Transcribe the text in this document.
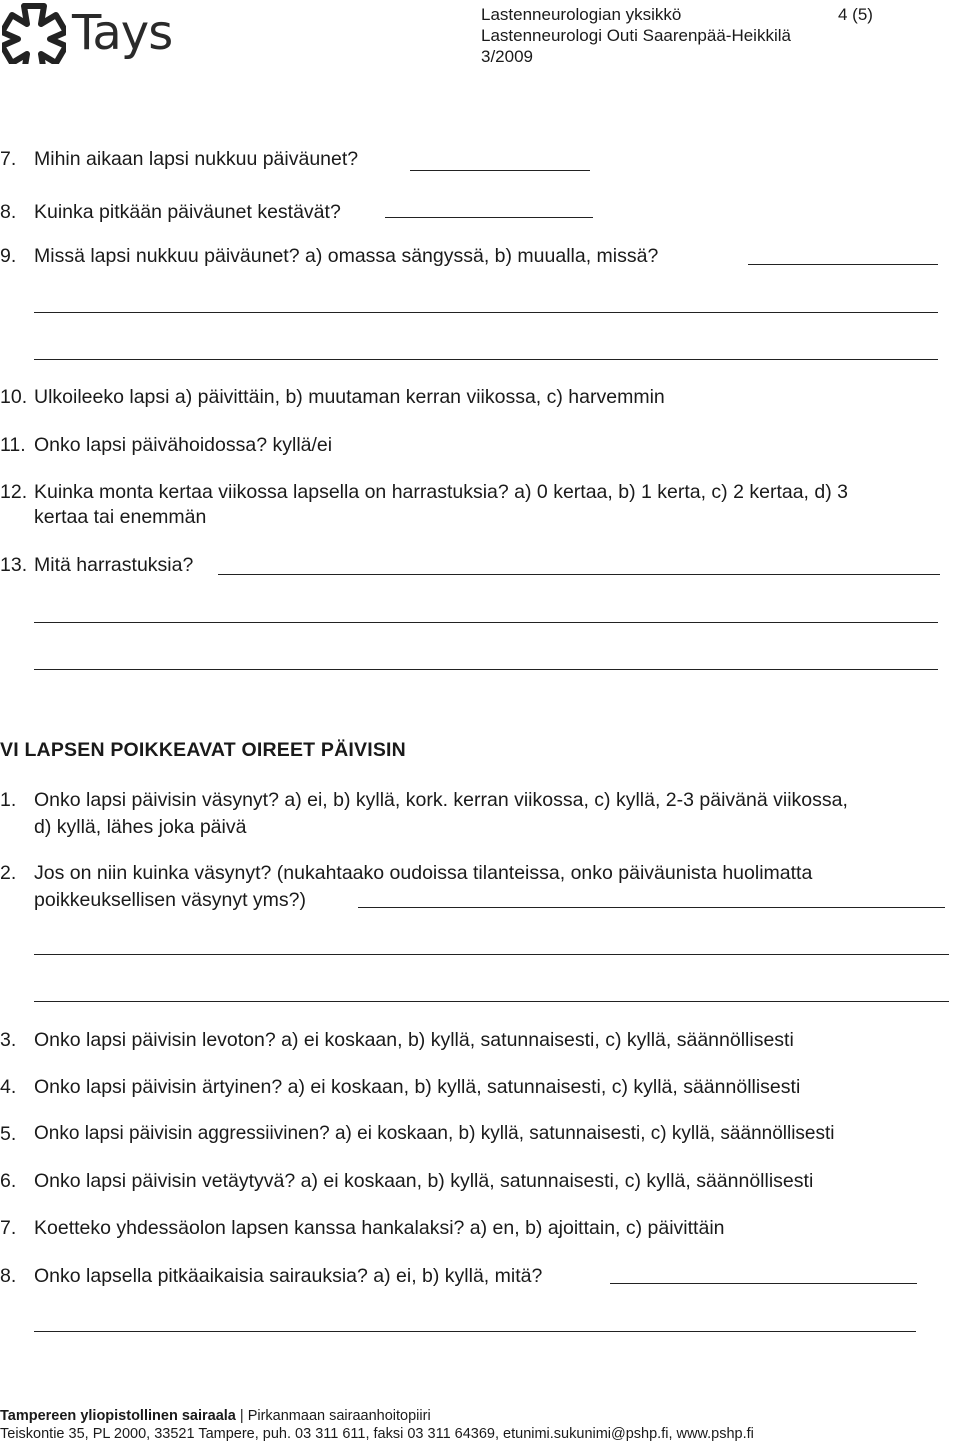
Tays	Lastenneurologian yksikkö	4 (5)
Lastenneurologi Outi Saarenpää-Heikkilä
3/2009
7. Mihin aikaan lapsi nukkuu päiväunet?
8. Kuinka pitkään päiväunet kestävät?
9. Missä lapsi nukkuu päiväunet? a) omassa sängyssä, b) muualla, missä?
10. Ulkoileeko lapsi a) päivittäin, b) muutaman kerran viikossa, c) harvemmin
11. Onko lapsi päivähoidossa? kyllä/ei
12. Kuinka monta kertaa viikossa lapsella on harrastuksia? a) 0 kertaa, b) 1 kerta, c) 2 kertaa, d) 3
kertaa tai enemmän
13. Mitä harrastuksia?
VI LAPSEN POIKKEAVAT OIREET PÄIVISIN
1. Onko lapsi päivisin väsynyt? a) ei, b) kyllä, kork. kerran viikossa, c) kyllä, 2-3 päivänä viikossa,
d) kyllä, lähes joka päivä
2. Jos on niin kuinka väsynyt? (nukahtaako oudoissa tilanteissa, onko päiväunista huolimatta
poikkeuksellisen väsynyt yms?)
3. Onko lapsi päivisin levoton? a) ei koskaan, b) kyllä, satunnaisesti, c) kyllä, säännöllisesti
4. Onko lapsi päivisin ärtyinen? a) ei koskaan, b) kyllä, satunnaisesti, c) kyllä, säännöllisesti
5. Onko lapsi päivisin aggressiivinen? a) ei koskaan, b) kyllä, satunnaisesti, c) kyllä, säännöllisesti
6. Onko lapsi päivisin vetäytyvä? a) ei koskaan, b) kyllä, satunnaisesti, c) kyllä, säännöllisesti
7. Koetteko yhdessäolon lapsen kanssa hankalaksi? a) en, b) ajoittain, c) päivittäin
8. Onko lapsella pitkäaikaisia sairauksia? a) ei, b) kyllä, mitä?
Tampereen yliopistollinen sairaala | Pirkanmaan sairaanhoitopiiri
Teiskontie 35, PL 2000, 33521 Tampere, puh. 03 311 611, faksi 03 311 64369, etunimi.sukunimi@pshp.fi, www.pshp.fi
